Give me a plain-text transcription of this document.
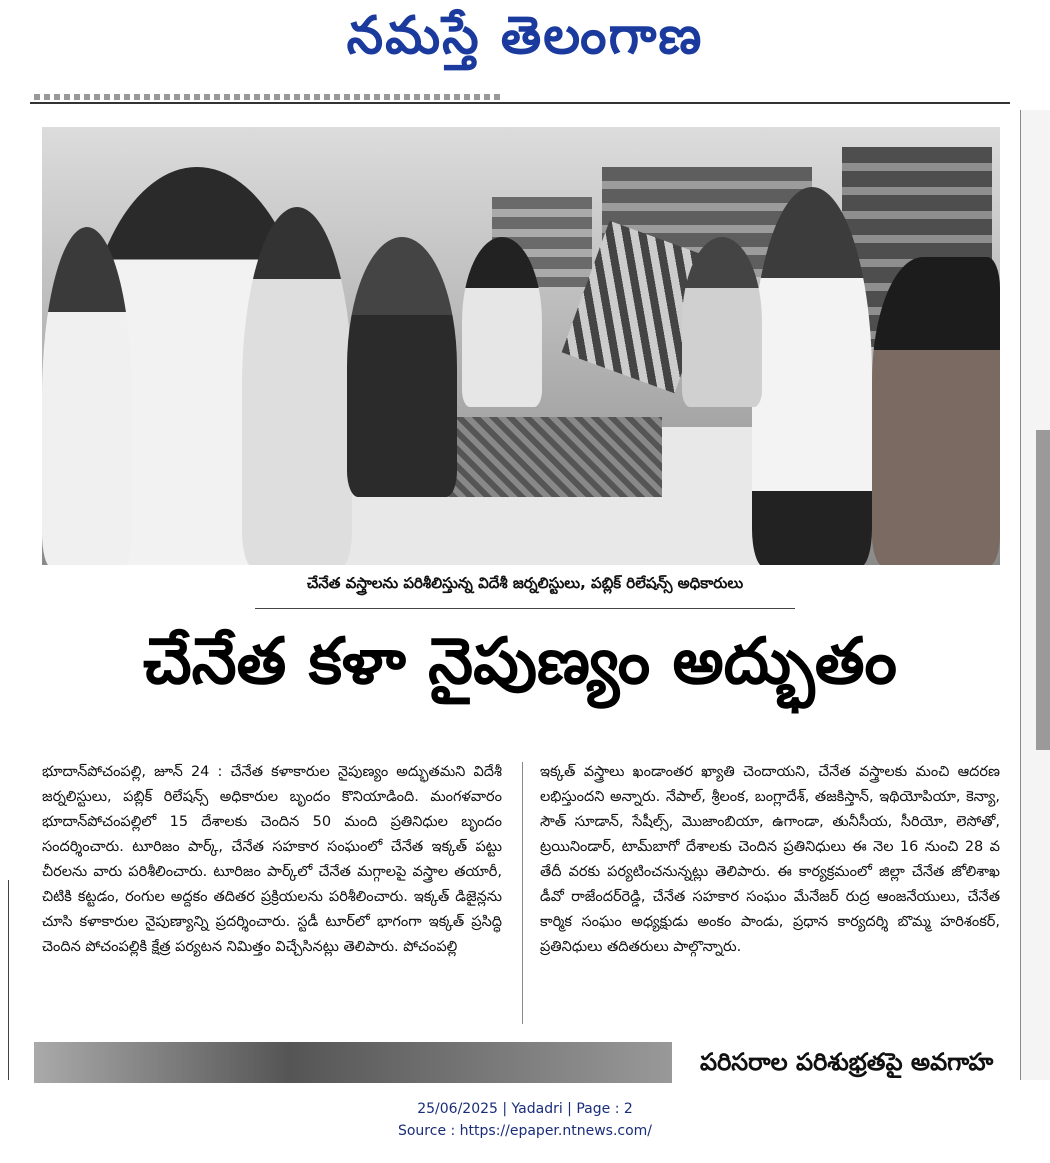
నమస్తే తెలంగాణ
చేనేత వస్త్రాలను పరిశీలిస్తున్న విదేశీ జర్నలిస్టులు, పబ్లిక్ రిలేషన్స్ అధికారులు
చేనేత కళా నైపుణ్యం అద్భుతం
భూదాన్‌పోచంపల్లి, జూన్ 24 : చేనేత కళాకారుల నైపుణ్యం అద్భుతమని విదేశీ జర్నలిస్టులు, పబ్లిక్ రిలేషన్స్ అధికారుల బృందం కొనియాడింది. మంగళవారం భూదాన్‌పోచంపల్లిలో 15 దేశాలకు చెందిన 50 మంది ప్రతినిధుల బృందం సందర్శించారు. టూరిజం పార్క్, చేనేత సహకార సంఘంలో చేనేత ఇక్కత్ పట్టు చీరలను వారు పరిశీలించారు. టూరిజం పార్క్‌లో చేనేత మగ్గాలపై వస్త్రాల తయారీ, చిటికి కట్టడం, రంగుల అద్దకం తదితర ప్రక్రియలను పరిశీలించారు. ఇక్కత్ డిజైన్లను చూసి కళాకారుల నైపుణ్యాన్ని ప్రదర్శించారు. స్టడీ టూర్‌లో భాగంగా ఇక్కత్ ప్రసిద్ధి చెందిన పోచంపల్లికి క్షేత్ర పర్యటన నిమిత్తం విచ్చేసినట్లు తెలిపారు. పోచంపల్లి
ఇక్కత్ వస్త్రాలు ఖండాంతర ఖ్యాతి చెందాయని, చేనేత వస్త్రాలకు మంచి ఆదరణ లభిస్తుందని అన్నారు. నేపాల్, శ్రీలంక, బంగ్లాదేశ్, తజకిస్తాన్, ఇథియోపియా, కెన్యా, సౌత్ సూడాన్, సేషీల్స్, మొజాంబియా, ఉగాండా, తునీసీయ, సీరియో, లెసోతో, ట్రయినిండార్, టామ్‌బాగో దేశాలకు చెందిన ప్రతినిధులు ఈ నెల 16 నుంచి 28 వ తేదీ వరకు పర్యటించనున్నట్లు తెలిపారు. ఈ కార్యక్రమంలో జిల్లా చేనేత జోలిశాఖ డీవో రాజేందర్‌రెడ్డి, చేనేత సహకార సంఘం మేనేజర్ రుద్ర ఆంజనేయులు, చేనేత కార్మిక సంఘం అధ్యక్షుడు అంకం పాండు, ప్రధాన కార్యదర్శి బొమ్మ హరిశంకర్, ప్రతినిధులు తదితరులు పాల్గొన్నారు.
పరిసరాల పరిశుభ్రతపై అవగాహ
25/06/2025 | Yadadri | Page : 2
Source : https://epaper.ntnews.com/
